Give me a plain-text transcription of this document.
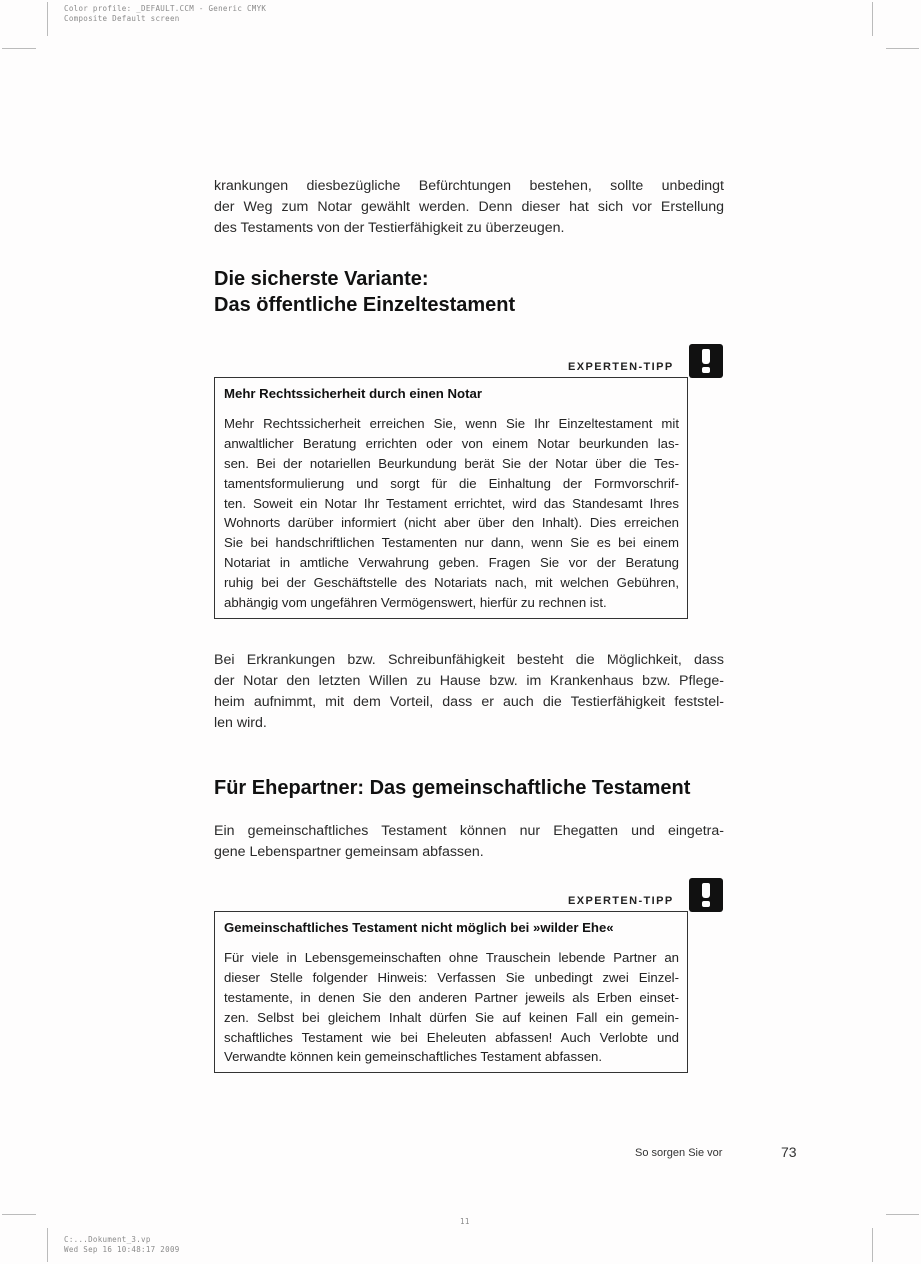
Color profile: _DEFAULT.CCM - Generic CMYK
Composite Default screen
11
C:...Dokument_3.vp
Wed Sep 16 10:48:17 2009
krankungen diesbezügliche Befürchtungen bestehen, sollte unbedingt
der Weg zum Notar gewählt werden. Denn dieser hat sich vor Erstellung
des Testaments von der Testierfähigkeit zu überzeugen.
Die sicherste Variante:
Das öffentliche Einzeltestament
EXPERTEN-TIPP
Mehr Rechtssicherheit durch einen Notar
Mehr Rechtssicherheit erreichen Sie, wenn Sie Ihr Einzeltestament mit
anwaltlicher Beratung errichten oder von einem Notar beurkunden las-
sen. Bei der notariellen Beurkundung berät Sie der Notar über die Tes-
tamentsformulierung und sorgt für die Einhaltung der Formvorschrif-
ten. Soweit ein Notar Ihr Testament errichtet, wird das Standesamt Ihres
Wohnorts darüber informiert (nicht aber über den Inhalt). Dies erreichen
Sie bei handschriftlichen Testamenten nur dann, wenn Sie es bei einem
Notariat in amtliche Verwahrung geben. Fragen Sie vor der Beratung
ruhig bei der Geschäftstelle des Notariats nach, mit welchen Gebühren,
abhängig vom ungefähren Vermögenswert, hierfür zu rechnen ist.
Bei Erkrankungen bzw. Schreibunfähigkeit besteht die Möglichkeit, dass
der Notar den letzten Willen zu Hause bzw. im Krankenhaus bzw. Pflege-
heim aufnimmt, mit dem Vorteil, dass er auch die Testierfähigkeit feststel-
len wird.
Für Ehepartner: Das gemeinschaftliche Testament
Ein gemeinschaftliches Testament können nur Ehegatten und eingetra-
gene Lebenspartner gemeinsam abfassen.
EXPERTEN-TIPP
Gemeinschaftliches Testament nicht möglich bei »wilder Ehe«
Für viele in Lebensgemeinschaften ohne Trauschein lebende Partner an
dieser Stelle folgender Hinweis: Verfassen Sie unbedingt zwei Einzel-
testamente, in denen Sie den anderen Partner jeweils als Erben einset-
zen. Selbst bei gleichem Inhalt dürfen Sie auf keinen Fall ein gemein-
schaftliches Testament wie bei Eheleuten abfassen! Auch Verlobte und
Verwandte können kein gemeinschaftliches Testament abfassen.
So sorgen Sie vor	73
